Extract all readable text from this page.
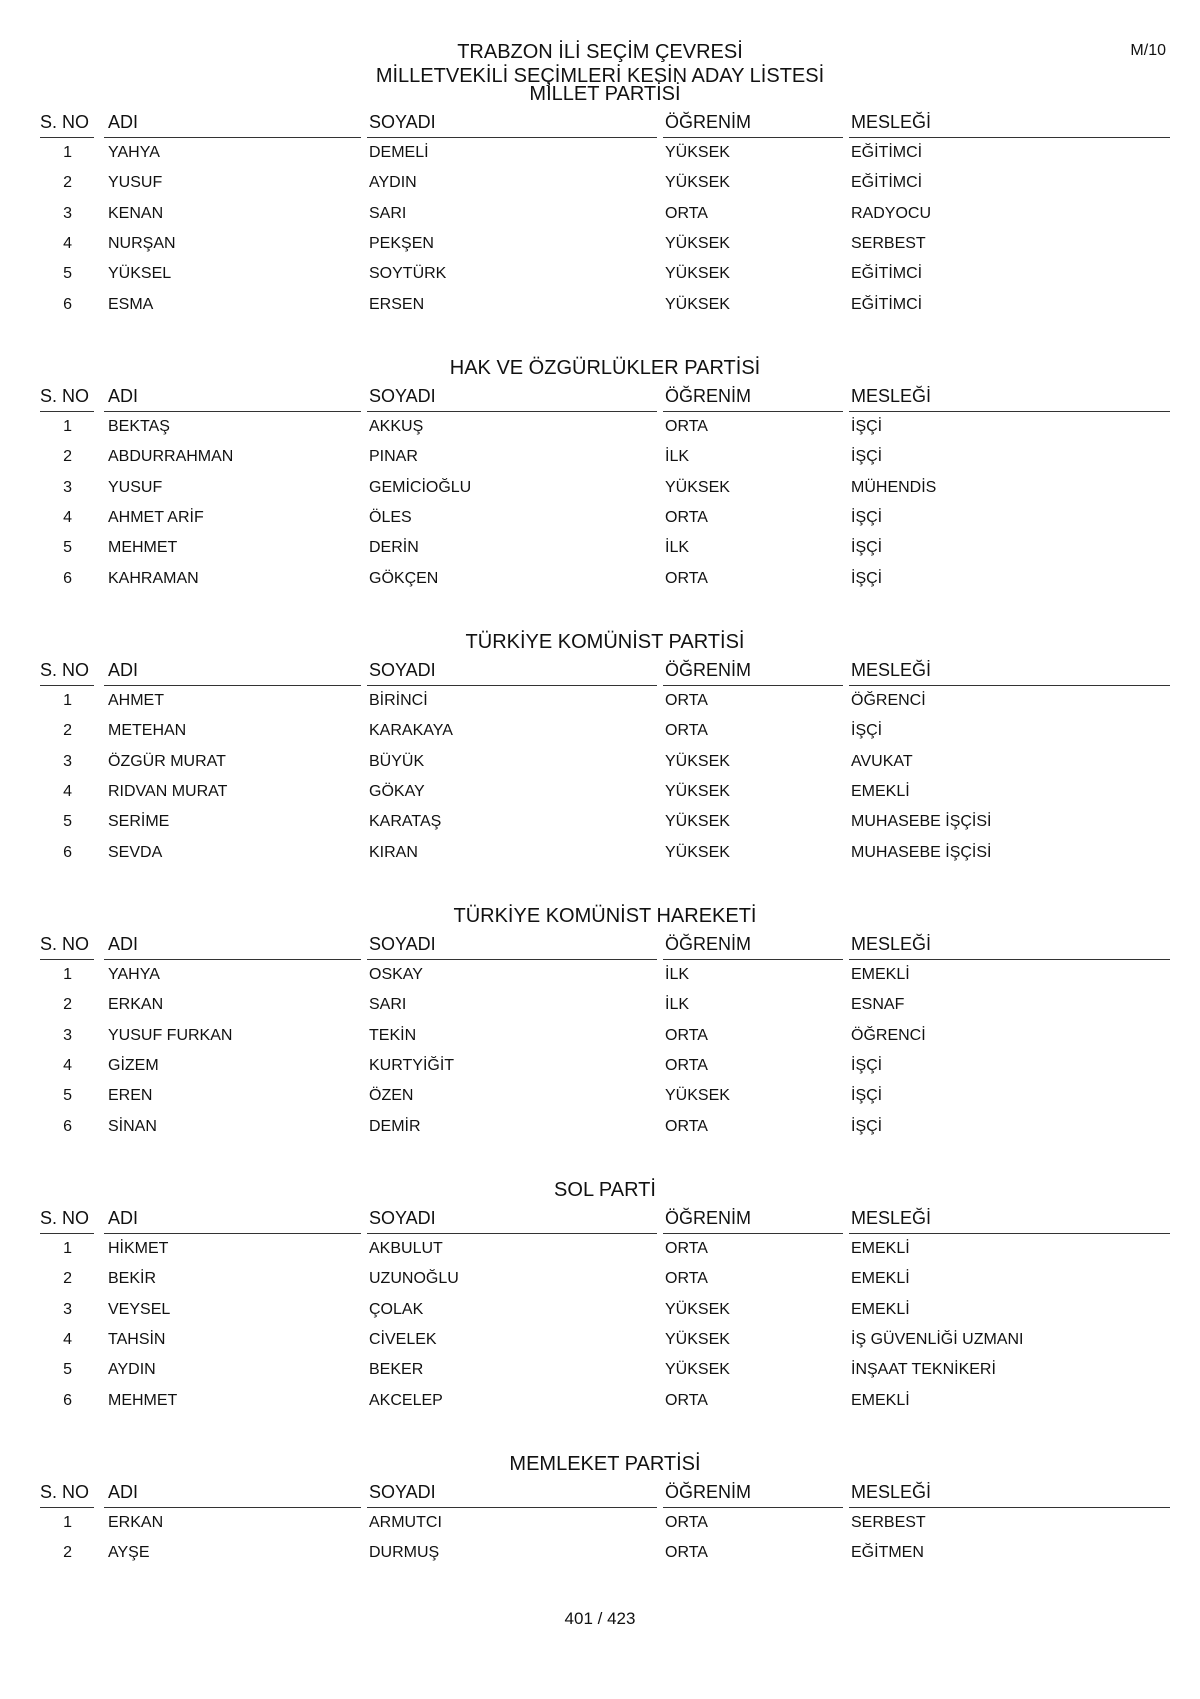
M/10
TRABZON İLİ SEÇİM ÇEVRESİ
MİLLETVEKİLİ SEÇİMLERİ KESİN ADAY LİSTESİ
MİLLET PARTİSİ
S. NO ADI	SOYADI	ÖĞRENİM	MESLEĞİ
1	YAHYA	DEMELİ	YÜKSEK	EĞİTİMCİ
2	YUSUF	AYDIN	YÜKSEK	EĞİTİMCİ
3	KENAN	SARI	ORTA	RADYOCU
4	NURŞAN	PEKŞEN	YÜKSEK	SERBEST
5	YÜKSEL	SOYTÜRK	YÜKSEK	EĞİTİMCİ
6	ESMA	ERSEN	YÜKSEK	EĞİTİMCİ
HAK VE ÖZGÜRLÜKLER PARTİSİ
S. NO ADI	SOYADI	ÖĞRENİM	MESLEĞİ
1	BEKTAŞ	AKKUŞ	ORTA	İŞÇİ
2	ABDURRAHMAN	PINAR	İLK	İŞÇİ
3	YUSUF	GEMİCİOĞLU	YÜKSEK	MÜHENDİS
4	AHMET ARİF	ÖLES	ORTA	İŞÇİ
5	MEHMET	DERİN	İLK	İŞÇİ
6	KAHRAMAN	GÖKÇEN	ORTA	İŞÇİ
TÜRKİYE KOMÜNİST PARTİSİ
S. NO ADI	SOYADI	ÖĞRENİM	MESLEĞİ
1	AHMET	BİRİNCİ	ORTA	ÖĞRENCİ
2	METEHAN	KARAKAYA	ORTA	İŞÇİ
3	ÖZGÜR MURAT	BÜYÜK	YÜKSEK	AVUKAT
4	RIDVAN MURAT	GÖKAY	YÜKSEK	EMEKLİ
5	SERİME	KARATAŞ	YÜKSEK	MUHASEBE İŞÇİSİ
6	SEVDA	KIRAN	YÜKSEK	MUHASEBE İŞÇİSİ
TÜRKİYE KOMÜNİST HAREKETİ
S. NO ADI	SOYADI	ÖĞRENİM	MESLEĞİ
1	YAHYA	OSKAY	İLK	EMEKLİ
2	ERKAN	SARI	İLK	ESNAF
3	YUSUF FURKAN	TEKİN	ORTA	ÖĞRENCİ
4	GİZEM	KURTYİĞİT	ORTA	İŞÇİ
5	EREN	ÖZEN	YÜKSEK	İŞÇİ
6	SİNAN	DEMİR	ORTA	İŞÇİ
SOL PARTİ
S. NO ADI	SOYADI	ÖĞRENİM	MESLEĞİ
1	HİKMET	AKBULUT	ORTA	EMEKLİ
2	BEKİR	UZUNOĞLU	ORTA	EMEKLİ
3	VEYSEL	ÇOLAK	YÜKSEK	EMEKLİ
4	TAHSİN	CİVELEK	YÜKSEK	İŞ GÜVENLİĞİ UZMANI
5	AYDIN	BEKER	YÜKSEK	İNŞAAT TEKNİKERİ
6	MEHMET	AKCELEP	ORTA	EMEKLİ
MEMLEKET PARTİSİ
S. NO ADI	SOYADI	ÖĞRENİM	MESLEĞİ
1	ERKAN	ARMUTCI	ORTA	SERBEST
2	AYŞE	DURMUŞ	ORTA	EĞİTMEN
401 / 423
